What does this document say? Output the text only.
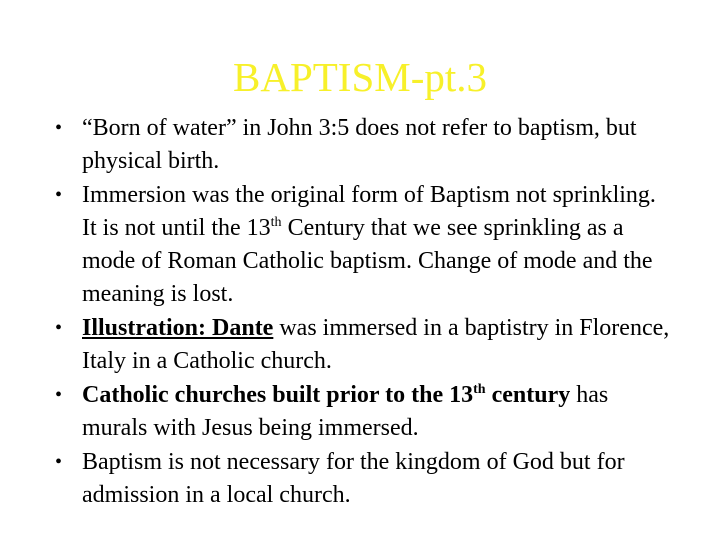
BAPTISM-pt.3
• “Born of water” in John 3:5 does not refer to baptism, but physical birth.
• Immersion was the original form of Baptism not sprinkling. It is not until the 13th Century that we see sprinkling as a mode of Roman Catholic baptism. Change of mode and the meaning is lost.
• Illustration: Dante was immersed in a baptistry in Florence, Italy in a Catholic church.
• Catholic churches built prior to the 13th century has murals with Jesus being immersed.
• Baptism is not necessary for the kingdom of God but for admission in a local church.
